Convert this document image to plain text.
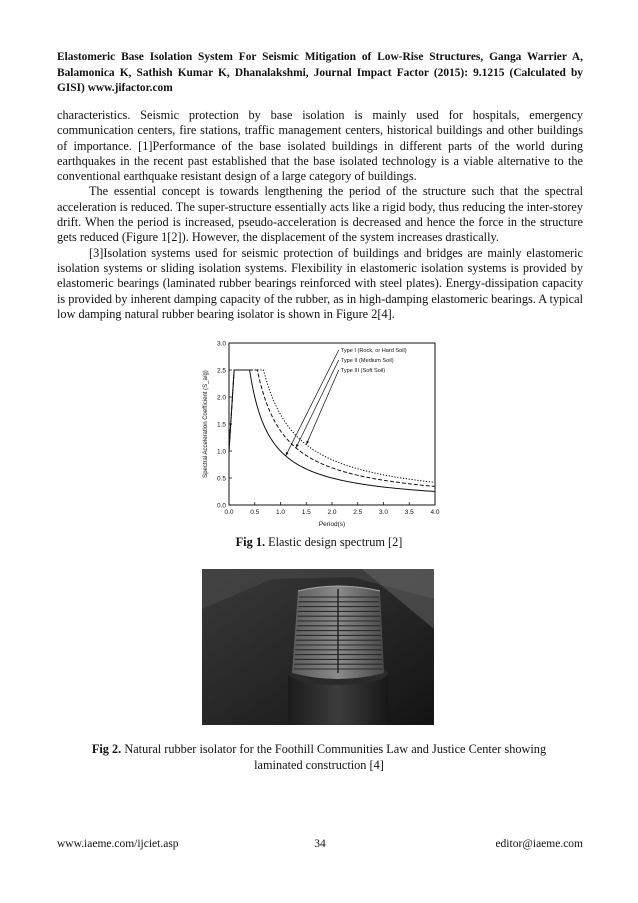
Elastomeric Base Isolation System For Seismic Mitigation of Low-Rise Structures, Ganga Warrier A, Balamonica K, Sathish Kumar K, Dhanalakshmi, Journal Impact Factor (2015): 9.1215 (Calculated by GISI) www.jifactor.com

characteristics. Seismic protection by base isolation is mainly used for hospitals, emergency communication centers, fire stations, traffic management centers, historical buildings and other buildings of importance. [1]Performance of the base isolated buildings in different parts of the world during earthquakes in the recent past established that the base isolated technology is a viable alternative to the conventional earthquake resistant design of a large category of buildings.

The essential concept is towards lengthening the period of the structure such that the spectral acceleration is reduced. The super-structure essentially acts like a rigid body, thus reducing the inter-storey drift. When the period is increased, pseudo-acceleration is decreased and hence the force in the structure gets reduced (Figure 1[2]). However, the displacement of the system increases drastically.

[3]Isolation systems used for seismic protection of buildings and bridges are mainly elastomeric isolation systems or sliding isolation systems. Flexibility in elastomeric isolation systems is provided by elastomeric bearings (laminated rubber bearings reinforced with steel plates). Energy-dissipation capacity is provided by inherent damping capacity of the rubber, as in high-damping elastomeric bearings. A typical low damping natural rubber bearing isolator is shown in Figure 2[4].

0.0	0.5	1.0	1.5	2.0	2.5	3.0	3.5	4.0
0.0
0.5
1.0
1.5
2.0
2.5
3.0
Type I (Rock, or Hard Soil)
Type II (Medium Soil)
Type III (Soft Soil)
Period(s)
Spectral Acceleration Coefficient (S_a/g)
Fig 1. Elastic design spectrum [2]
Fig 2. Natural rubber isolator for the Foothill Communities Law and Justice Center showing laminated construction [4]
www.iaeme.com/ijciet.asp	34	editor@iaeme.com
